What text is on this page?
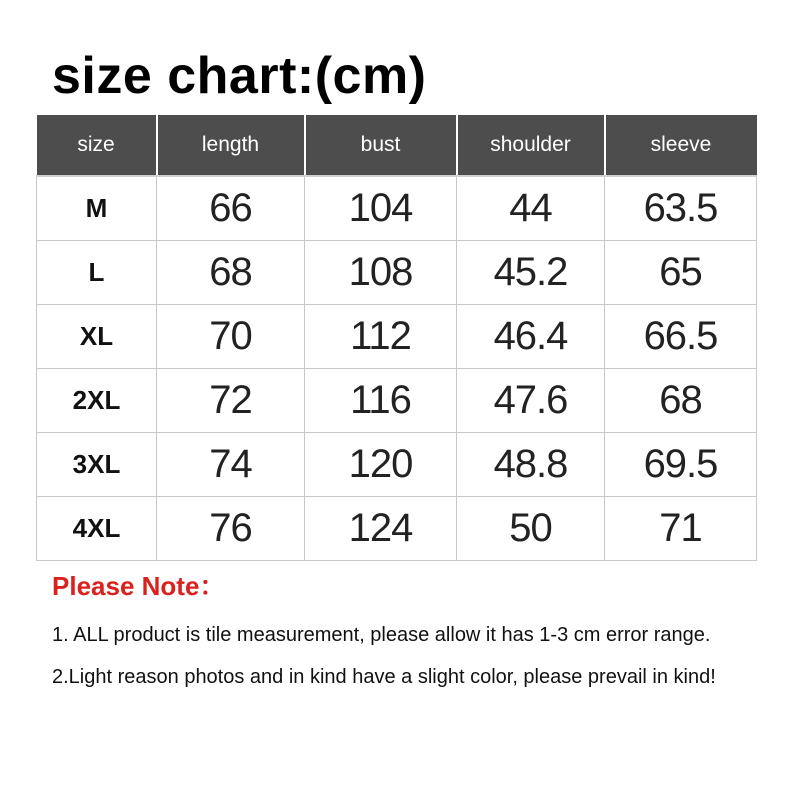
size chart:(cm)
size	length	bust	shoulder	sleeve
M	66	104	44	63.5
L	68	108	45.2	65
XL	70	112	46.4	66.5
2XL	72	116	47.6	68
3XL	74	120	48.8	69.5
4XL	76	124	50	71
Please Note：
1. ALL product is tile measurement, please allow it has 1-3 cm error range.
2.Light reason photos and in kind have a slight color, please prevail in kind!
